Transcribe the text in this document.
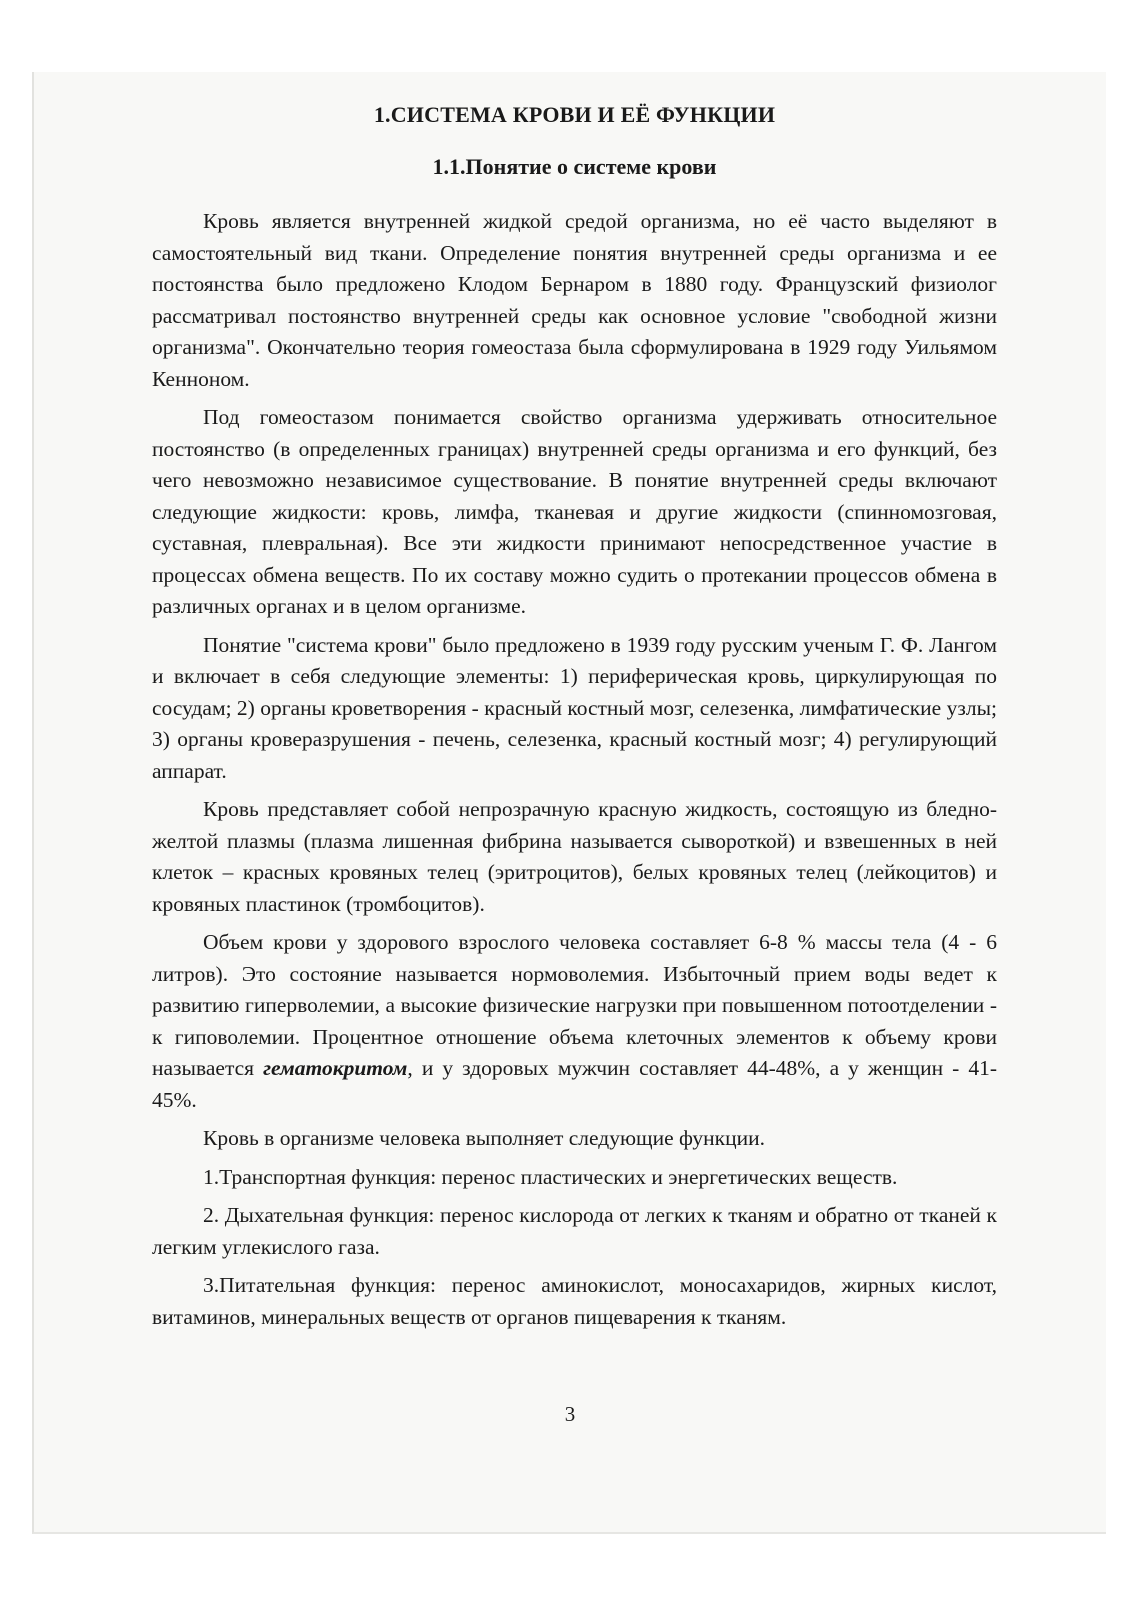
1.СИСТЕМА КРОВИ И ЕЁ ФУНКЦИИ
1.1.Понятие о системе крови

Кровь является внутренней жидкой средой организма, но её часто выделяют в самостоятельный вид ткани. Определение понятия внутренней среды организма и ее постоянства было предложено Клодом Бернаром в 1880 году. Французский физиолог рассматривал постоянство внутренней среды как основное условие "свободной жизни организма". Окончательно теория гомеостаза была сформулирована в 1929 году Уильямом Кенноном.

Под гомеостазом понимается свойство организма удерживать относительное постоянство (в определенных границах) внутренней среды организма и его функций, без чего невозможно независимое существование. В понятие внутренней среды включают следующие жидкости: кровь, лимфа, тканевая и другие жидкости (спинномозговая, суставная, плевральная). Все эти жидкости принимают непосредственное участие в процессах обмена веществ. По их составу можно судить о протекании процессов обмена в различных органах и в целом организме.

Понятие "система крови" было предложено в 1939 году русским ученым Г. Ф. Лангом и включает в себя следующие элементы: 1) периферическая кровь, циркулирующая по сосудам; 2) органы кроветворения - красный костный мозг, селезенка, лимфатические узлы; 3) органы кроверазрушения - печень, селезенка, красный костный мозг; 4) регулирующий аппарат.

Кровь представляет собой непрозрачную красную жидкость, состоящую из бледно-желтой плазмы (плазма лишенная фибрина называется сывороткой) и взвешенных в ней клеток – красных кровяных телец (эритроцитов), белых кровяных телец (лейкоцитов) и кровяных пластинок (тромбоцитов).

Объем крови у здорового взрослого человека составляет 6-8 % массы тела (4 - 6 литров). Это состояние называется нормоволемия. Избыточный прием воды ведет к развитию гиперволемии, а высокие физические нагрузки при повышенном потоотделении - к гиповолемии. Процентное отношение объема клеточных элементов к объему крови называется гематокритом, и у здоровых мужчин составляет 44-48%, а у женщин - 41-45%.

Кровь в организме человека выполняет следующие функции.

1.Транспортная функция: перенос пластических и энергетических веществ.

2. Дыхательная функция: перенос кислорода от легких к тканям и обратно от тканей к легким углекислого газа.

3.Питательная функция: перенос аминокислот, моносахаридов, жирных кислот, витаминов, минеральных веществ от органов пищеварения к тканям.

3
